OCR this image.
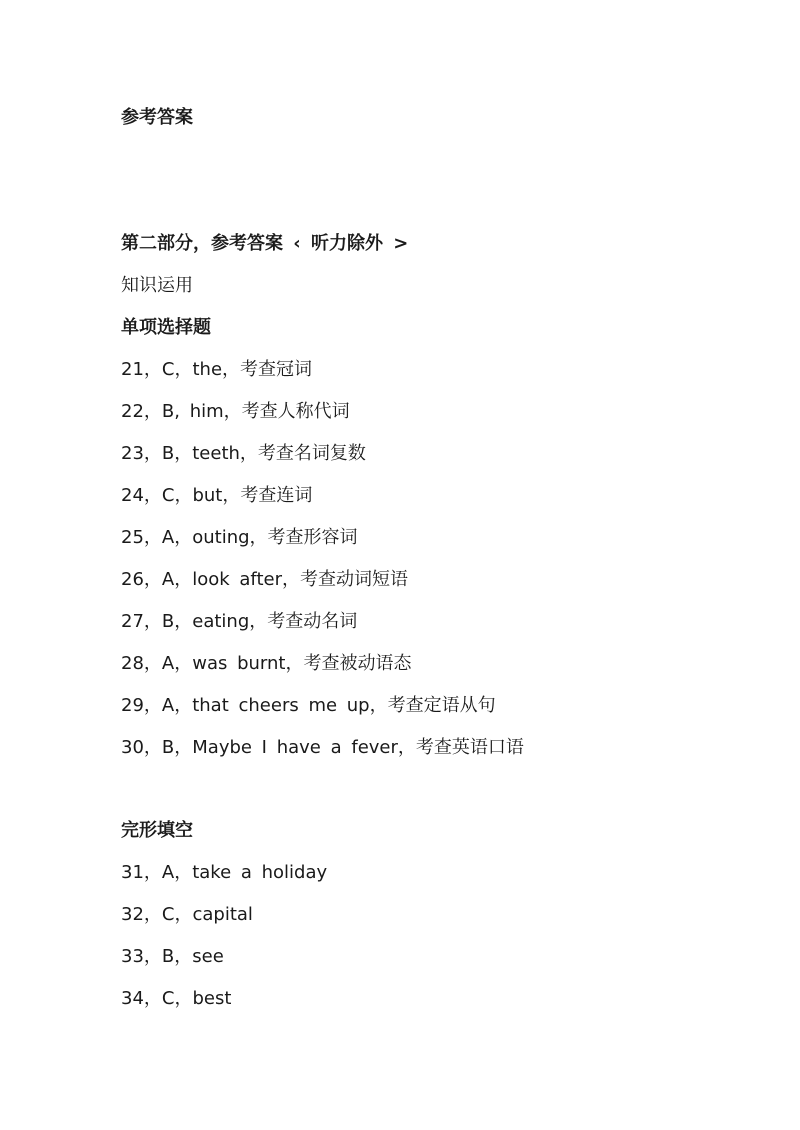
参考答案
第二部分，参考答案 ‹ 听力除外 >
知识运用
单项选择题
21，C，the，考查冠词
22，B, him，考查人称代词
23，B，teeth，考查名词复数
24，C，but，考查连词
25，A，outing，考查形容词
26，A，look after，考查动词短语
27，B，eating，考查动名词
28，A，was burnt，考查被动语态
29，A，that cheers me up，考查定语从句
30，B，Maybe I have a fever，考查英语口语
完形填空
31，A，take a holiday
32，C，capital
33，B，see
34，C，best
